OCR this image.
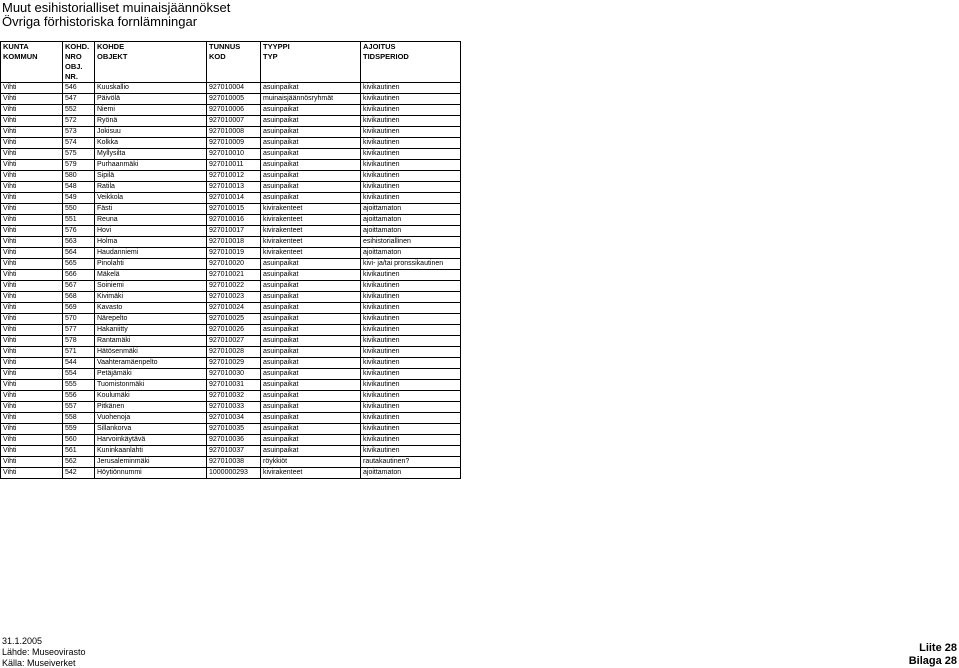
Muut esihistorialliset muinaisjäännökset
Övriga förhistoriska fornlämningar
KUNTA	KOHD.	KOHDE	TUNNUS	TYYPPI	AJOITUS
KOMMUN	NRO	OBJEKT	KOD	TYP	TIDSPERIOD
	OBJ.				
	NR.				
Vihti	546	Kuuskallio	927010004	asuinpaikat	kivikautinen
Vihti	547	Päivölä	927010005	muinaisjäännösryhmät	kivikautinen
Vihti	552	Niemi	927010006	asuinpaikat	kivikautinen
Vihti	572	Ryönä	927010007	asuinpaikat	kivikautinen
Vihti	573	Jokisuu	927010008	asuinpaikat	kivikautinen
Vihti	574	Kolkka	927010009	asuinpaikat	kivikautinen
Vihti	575	Myllysilta	927010010	asuinpaikat	kivikautinen
Vihti	579	Purhaanmäki	927010011	asuinpaikat	kivikautinen
Vihti	580	Sipilä	927010012	asuinpaikat	kivikautinen
Vihti	548	Ratila	927010013	asuinpaikat	kivikautinen
Vihti	549	Veikkola	927010014	asuinpaikat	kivikautinen
Vihti	550	Fästi	927010015	kivirakenteet	ajoittamaton
Vihti	551	Reuna	927010016	kivirakenteet	ajoittamaton
Vihti	576	Hovi	927010017	kivirakenteet	ajoittamaton
Vihti	563	Holma	927010018	kivirakenteet	esihistoriallinen
Vihti	564	Haudanniemi	927010019	kivirakenteet	ajoittamaton
Vihti	565	Pinolahti	927010020	asuinpaikat	kivi- ja/tai pronssikautinen
Vihti	566	Mäkelä	927010021	asuinpaikat	kivikautinen
Vihti	567	Soiniemi	927010022	asuinpaikat	kivikautinen
Vihti	568	Kivimäki	927010023	asuinpaikat	kivikautinen
Vihti	569	Kavasto	927010024	asuinpaikat	kivikautinen
Vihti	570	Närepelto	927010025	asuinpaikat	kivikautinen
Vihti	577	Hakaniitty	927010026	asuinpaikat	kivikautinen
Vihti	578	Rantamäki	927010027	asuinpaikat	kivikautinen
Vihti	571	Hätösenmäki	927010028	asuinpaikat	kivikautinen
Vihti	544	Vaahteramäenpelto	927010029	asuinpaikat	kivikautinen
Vihti	554	Petäjämäki	927010030	asuinpaikat	kivikautinen
Vihti	555	Tuomistonmäki	927010031	asuinpaikat	kivikautinen
Vihti	556	Koulumäki	927010032	asuinpaikat	kivikautinen
Vihti	557	Pitkänen	927010033	asuinpaikat	kivikautinen
Vihti	558	Vuohenoja	927010034	asuinpaikat	kivikautinen
Vihti	559	Sillankorva	927010035	asuinpaikat	kivikautinen
Vihti	560	Harvoinkäytävä	927010036	asuinpaikat	kivikautinen
Vihti	561	Kuninkaanlahti	927010037	asuinpaikat	kivikautinen
Vihti	562	Jerusaleminmäki	927010038	röykkiöt	rautakautinen?
Vihti	542	Höytiönnummi	1000000293	kivirakenteet	ajoittamaton
31.1.2005
Lähde: Museovirasto
Källa: Museiverket
Liite 28
Bilaga 28
